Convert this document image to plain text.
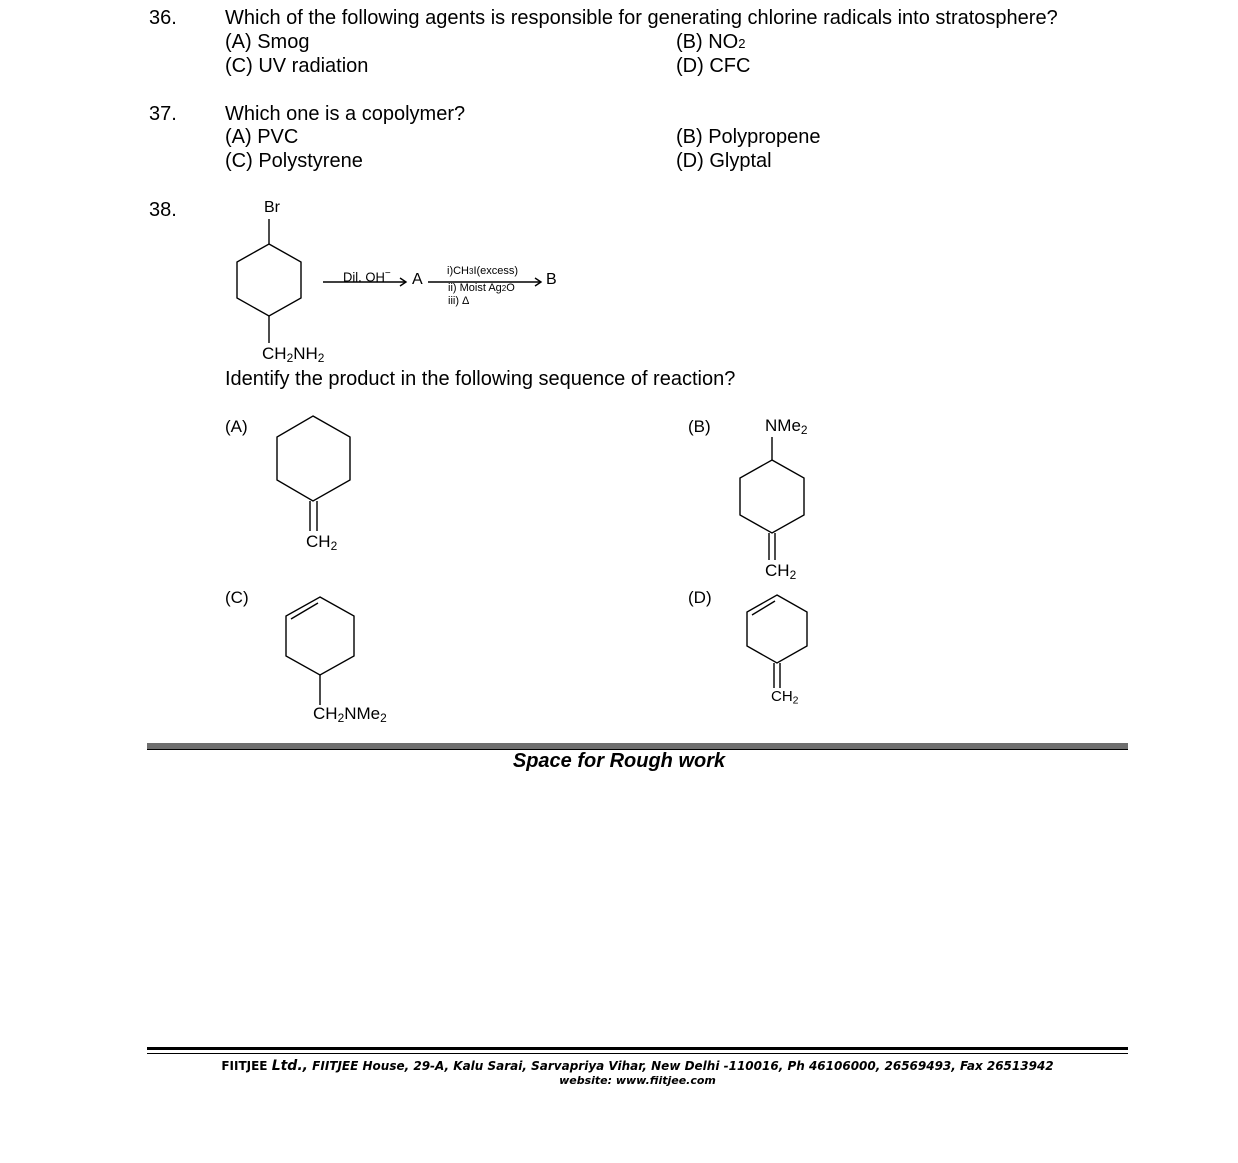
36. Which of the following agents is responsible for generating chlorine radicals into stratosphere?
(A) Smog	(B) NO2
(C) UV radiation	(D) CFC
37. Which one is a copolymer?
(A) PVC	(B) Polypropene
(C) Polystyrene	(D) Glyptal
38.	Br
$CH_2NH_2$
Dil. OH− A i)CH3I(excess)
ii) Moist Ag2O
iii) Δ
B
Identify the product in the following sequence of reaction?
(A)
$CH_2$
(B)	NMe$_2$
$CH_2$
(C)
$CH_2NMe_2$
(D)
$CH_2$
Space for Rough work
FIITJEE Ltd., FIITJEE House, 29-A, Kalu Sarai, Sarvapriya Vihar, New Delhi -110016, Ph 46106000, 26569493, Fax 26513942
website: www.fiitjee.com
